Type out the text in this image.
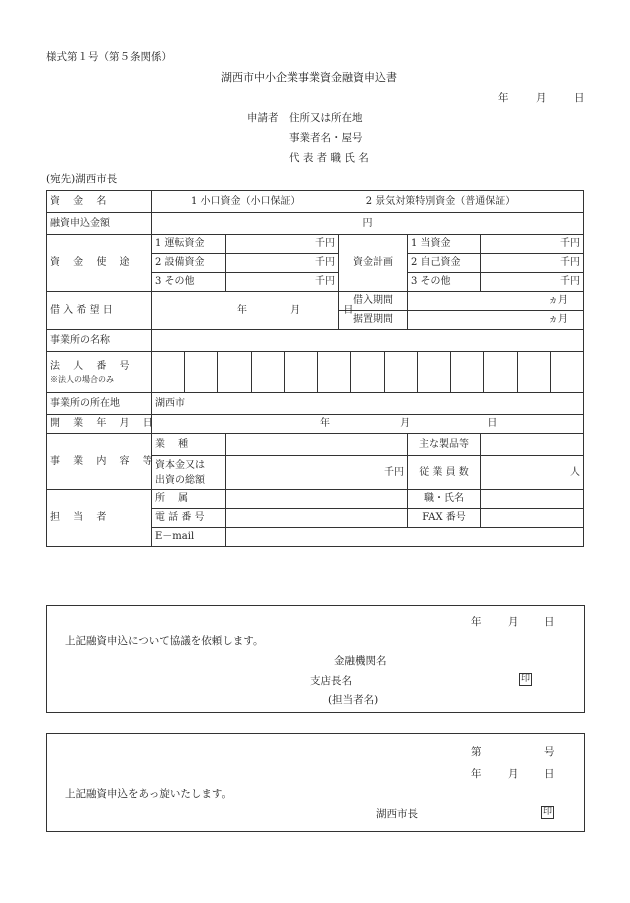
様式第１号（第５条関係）
湖西市中小企業事業資金融資申込書
年	月	日
申請者 住所又は所在地
事業者名・屋号
代 表 者 職 氏 名
(宛先)湖西市長
資 金 名	1 小口資金（小口保証） 2 景気対策特別資金（普通保証）				
融資申込金額	円				
資 金 使 途	1 運転資金	千円	資金計画	1 当資金	千円
	2 設備資金	千円		2 自己資金	千円
	3 その他	千円		3 その他	千円
借 入 希 望 日	年 月 日		借入期間	ヵ月	
			据置期間	ヵ月	
事業所の名称					

法 人 番 号
※法人の場合のみ					

事業所の所在地	湖西市				
開 業 年 月 日	年 月 日				
事 業 内 容 等	業 種			主な製品等	

	資本金又は
出資の総額	千円		従 業 員 数	人
担 当 者	所 属			職・氏名	
	電 話 番 号			FAX 番号	
	E－mail				
年	月 日
上記融資申込について協議を依頼します。
金融機関名
支店長名	印
(担当者名)
第	号
年	月 日
上記融資申込をあっ旋いたします。
湖西市長	印
